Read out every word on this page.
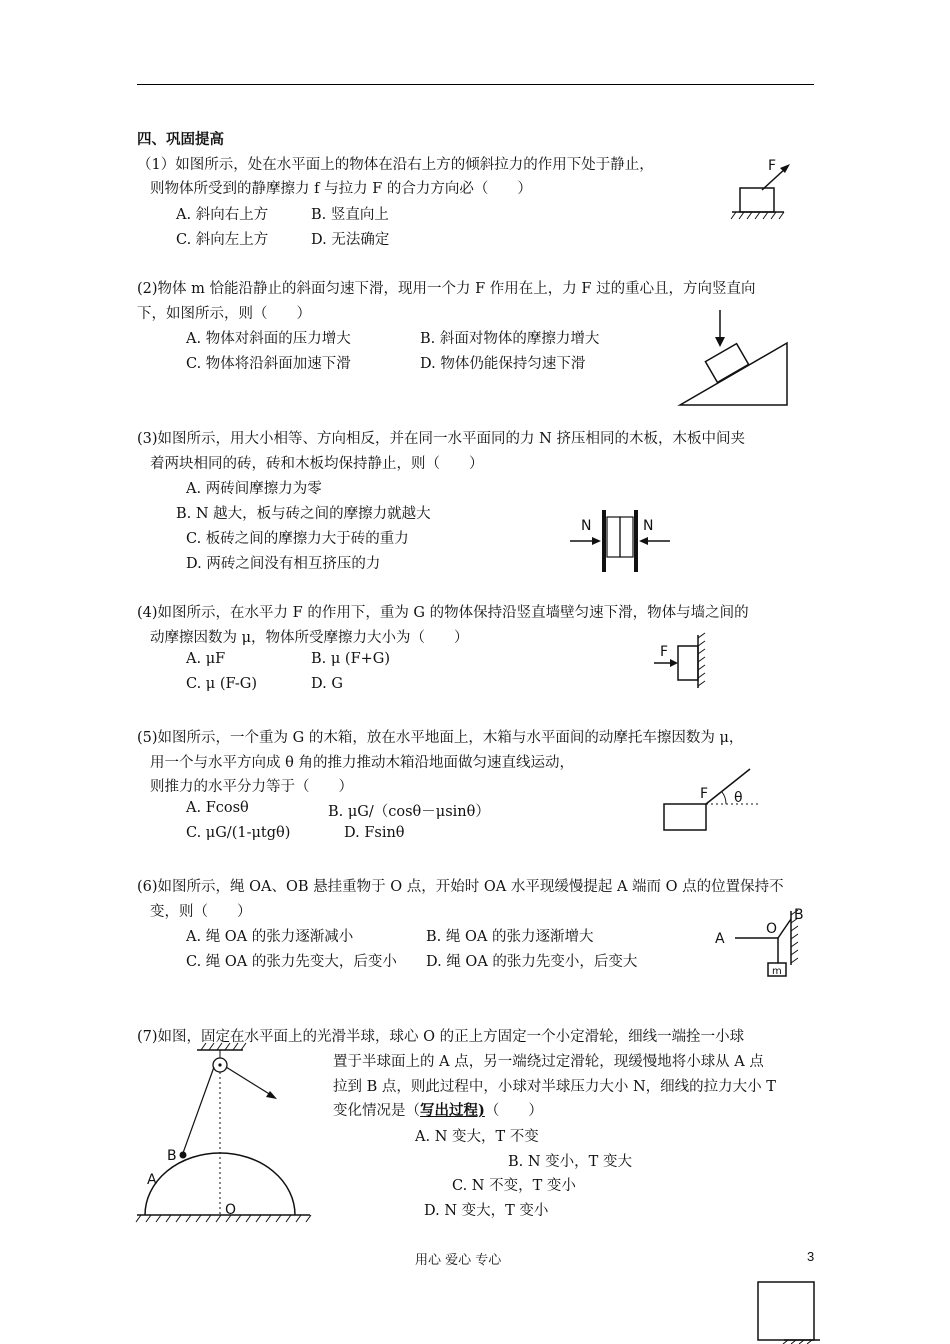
四、巩固提高
（1）如图所示，处在水平面上的物体在沿右上方的倾斜拉力的作用下处于静止，
则物体所受到的静摩擦力 f 与拉力 F 的合力方向必（　　）
A. 斜向右上方	B. 竖直向上
C. 斜向左上方	D. 无法确定
F
(2)物体 m 恰能沿静止的斜面匀速下滑，现用一个力 F 作用在上，力 F 过的重心且，方向竖直向
下，如图所示，则（　　）
A. 物体对斜面的压力增大	B. 斜面对物体的摩擦力增大
C. 物体将沿斜面加速下滑	D. 物体仍能保持匀速下滑
(3)如图所示，用大小相等、方向相反，并在同一水平面同的力 N 挤压相同的木板，木板中间夹
着两块相同的砖，砖和木板均保持静止，则（　　）
A. 两砖间摩擦力为零
B. N 越大，板与砖之间的摩擦力就越大
C. 板砖之间的摩擦力大于砖的重力
D. 两砖之间没有相互挤压的力
N	N
(4)如图所示，在水平力 F 的作用下，重为 G 的物体保持沿竖直墙壁匀速下滑，物体与墙之间的
动摩擦因数为 μ，物体所受摩擦力大小为（　　）
A. μF	B. μ (F+G)
C. μ (F-G)	D. G
F
(5)如图所示，一个重为 G 的木箱，放在水平地面上，木箱与水平面间的动摩托车擦因数为 μ，
用一个与水平方向成 θ 角的推力推动木箱沿地面做匀速直线运动，
则推力的水平分力等于（　　）
A. Fcosθ	B. μG/（cosθ－μsinθ）
C. μG/(1-μtgθ)	D. Fsinθ
F θ
(6)如图所示，绳 OA、OB 悬挂重物于 O 点，开始时 OA 水平现缓慢提起 A 端而 O 点的位置保持不
变，则（　　）
A. 绳 OA 的张力逐渐减小	B. 绳 OA 的张力逐渐增大
C. 绳 OA 的张力先变大，后变小 D. 绳 OA 的张力先变小，后变大
A
O
B
m
(7)如图，固定在水平面上的光滑半球，球心 O 的正上方固定一个小定滑轮，细线一端拴一小球
置于半球面上的 A 点，另一端绕过定滑轮，现缓慢地将小球从 A 点
拉到 B 点，则此过程中，小球对半球压力大小 N，细线的拉力大小 T
变化情况是（写出过程)（　　）
A. N 变大，T 不变
B. N 变小，T 变大
C. N 不变，T 变小
D. N 变大，T 变小
B
A
O
用心 爱心 专心	3
